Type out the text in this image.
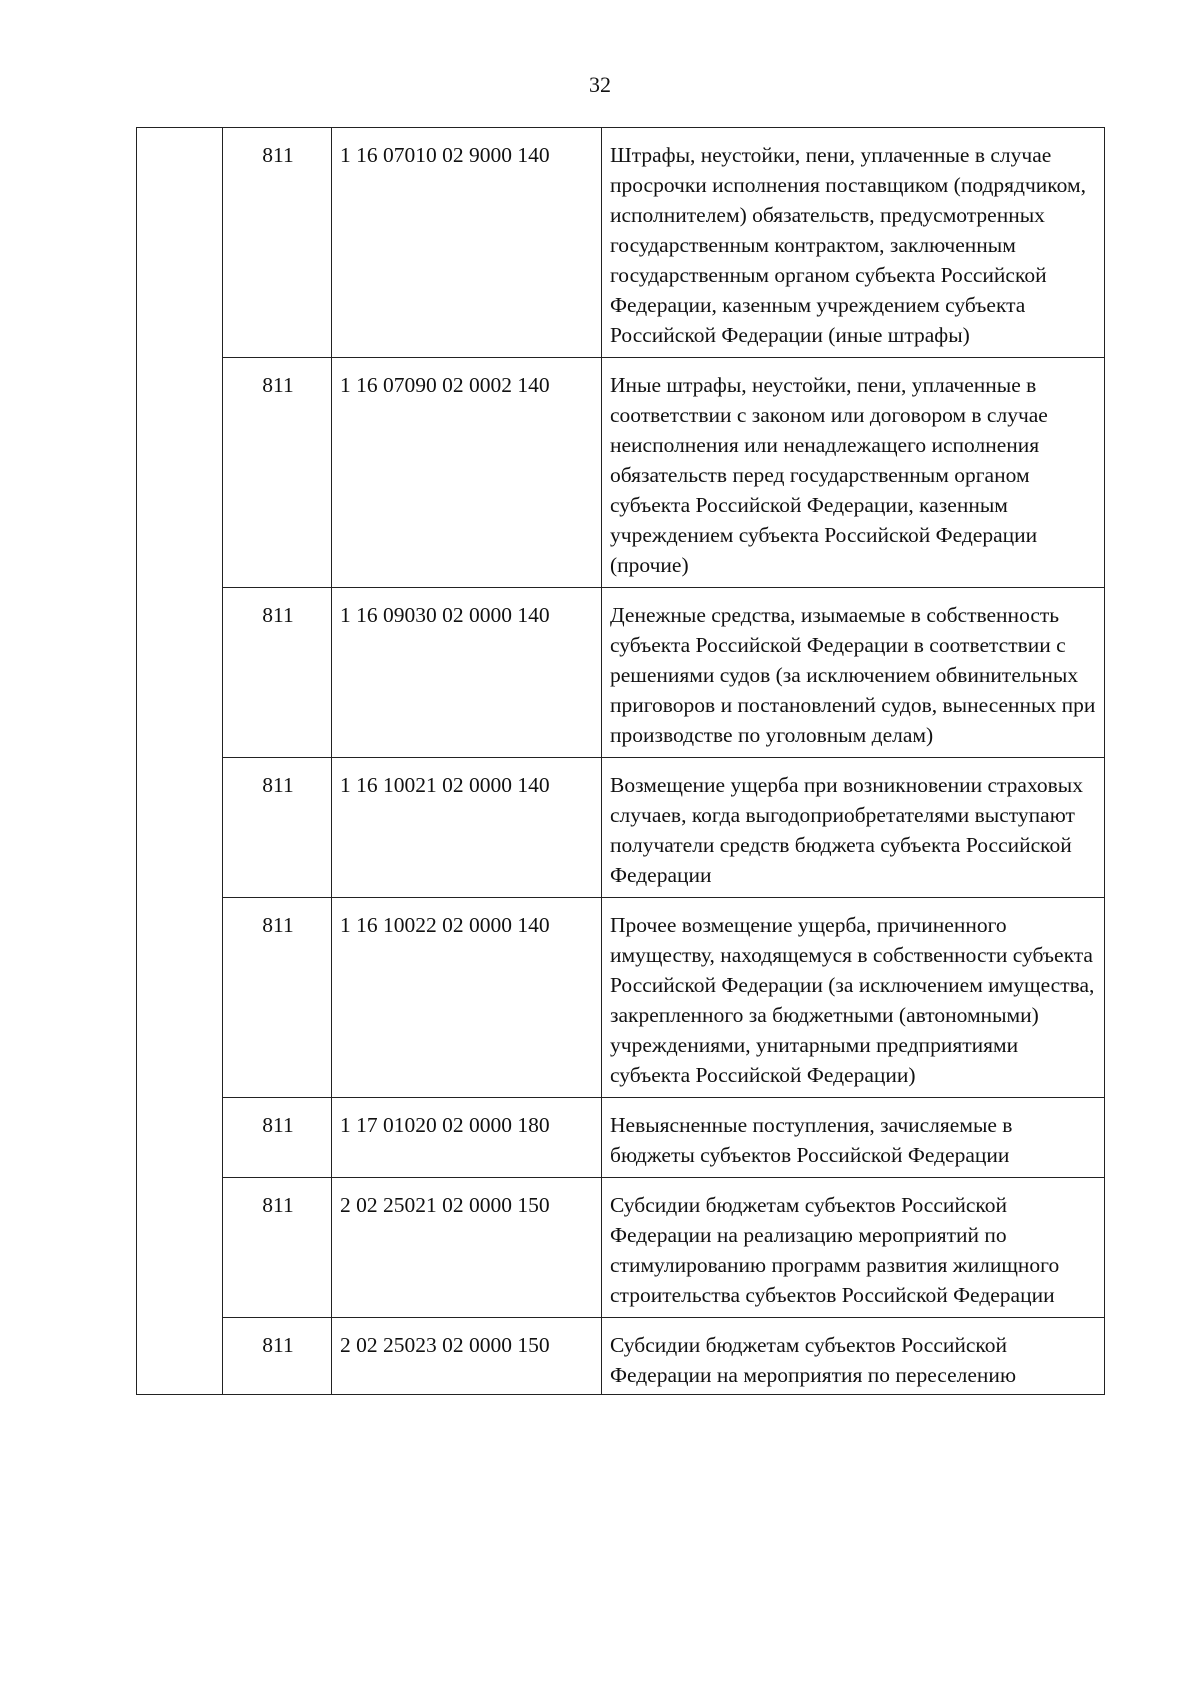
32
	811	1 16 07010 02 9000 140	Штрафы, неустойки, пени, уплаченные в случае просрочки исполнения поставщиком (подрядчиком, исполнителем) обязательств, предусмотренных государственным контрактом, заключенным государственным органом субъекта Российской Федерации, казенным учреждением субъекта Российской Федерации (иные штрафы)
	811	1 16 07090 02 0002 140	Иные штрафы, неустойки, пени, уплаченные в соответствии с законом или договором в случае неисполнения или ненадлежащего исполнения обязательств перед государственным органом субъекта Российской Федерации, казенным учреждением субъекта Российской Федерации (прочие)
	811	1 16 09030 02 0000 140	Денежные средства, изымаемые в собственность субъекта Российской Федерации в соответствии с решениями судов (за исключением обвинительных приговоров и постановлений судов, вынесенных при производстве по уголовным делам)
	811	1 16 10021 02 0000 140	Возмещение ущерба при возникновении страховых случаев, когда выгодоприобретателями выступают получатели средств бюджета субъекта Российской Федерации
	811	1 16 10022 02 0000 140	Прочее возмещение ущерба, причиненного имуществу, находящемуся в собственности субъекта Российской Федерации (за исключением имущества, закрепленного за бюджетными (автономными) учреждениями, унитарными предприятиями субъекта Российской Федерации)
	811	1 17 01020 02 0000 180	Невыясненные поступления, зачисляемые в бюджеты субъектов Российской Федерации
	811	2 02 25021 02 0000 150	Субсидии бюджетам субъектов Российской Федерации на реализацию мероприятий по стимулированию программ развития жилищного строительства субъектов Российской Федерации
	811	2 02 25023 02 0000 150	Субсидии бюджетам субъектов Российской Федерации на мероприятия по переселению
